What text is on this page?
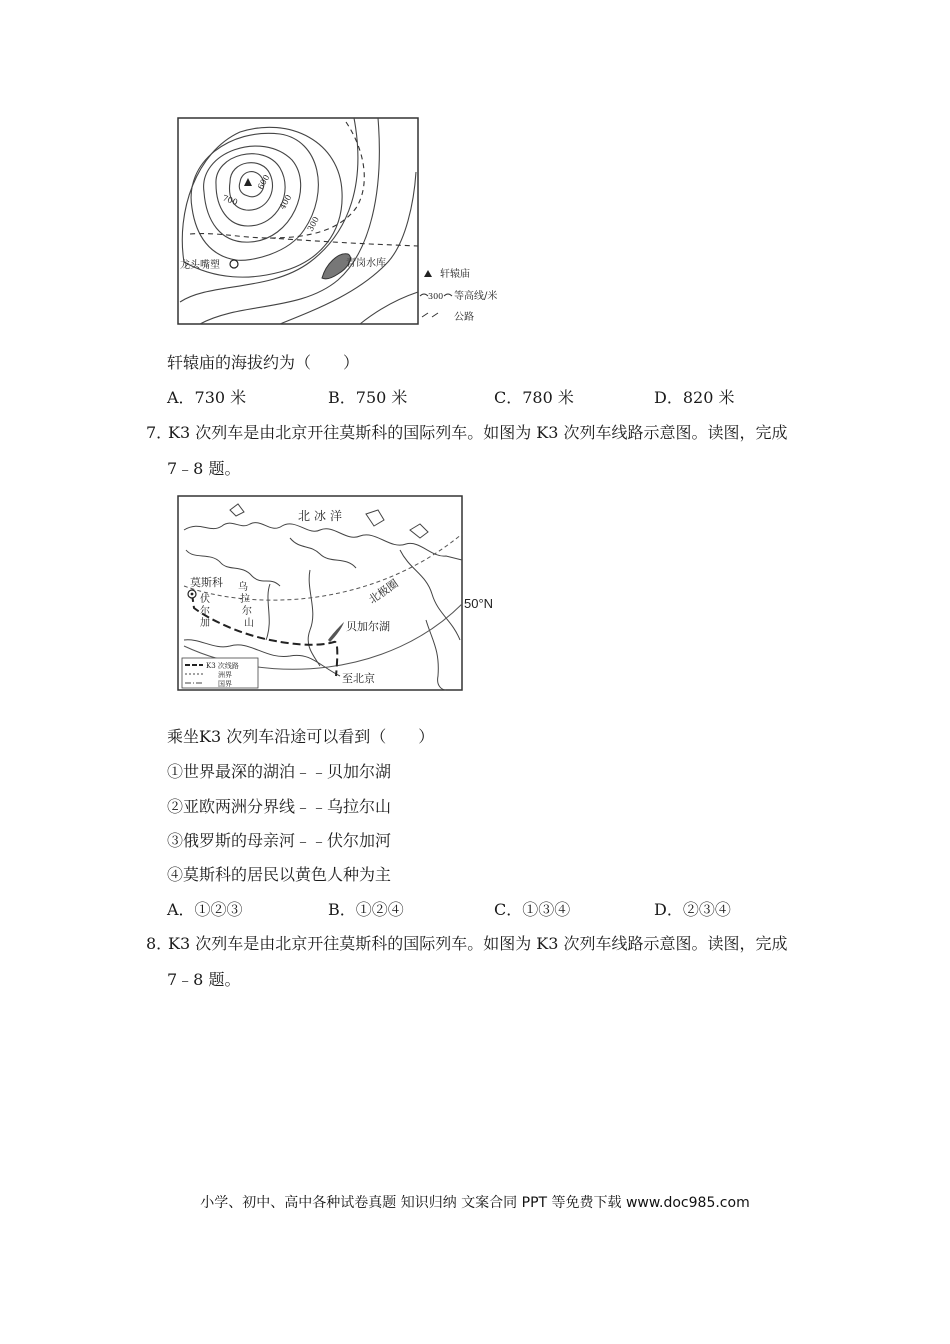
700
600
400
300
龙头嘴塑	青岗水库
轩辕庙
300 等高线/米
公路
轩辕庙的海拔约为（　　）
A．730 米	B．750 米	C．780 米	D．820 米
7．
K3 次列车是由北京开往莫斯科的国际列车。如图为 K3 次列车线路示意图。读图，完成
7﹣8 题。
北冰洋
莫斯科
伏
尔
加
乌
拉
尔
山
北极圈
贝加尔湖
至北京
50°N
K3 次线路
洲界
国界
乘坐K3 次列车沿途可以看到（　　）
①世界最深的湖泊﹣﹣贝加尔湖
②亚欧两洲分界线﹣﹣乌拉尔山
③俄罗斯的母亲河﹣﹣伏尔加河
④莫斯科的居民以黄色人种为主
A．①②③	B．①②④	C．①③④	D．②③④
8．
K3 次列车是由北京开往莫斯科的国际列车。如图为 K3 次列车线路示意图。读图，完成
7﹣8 题。
小学、初中、高中各种试卷真题 知识归纳 文案合同 PPT 等免费下载 www.doc985.com
